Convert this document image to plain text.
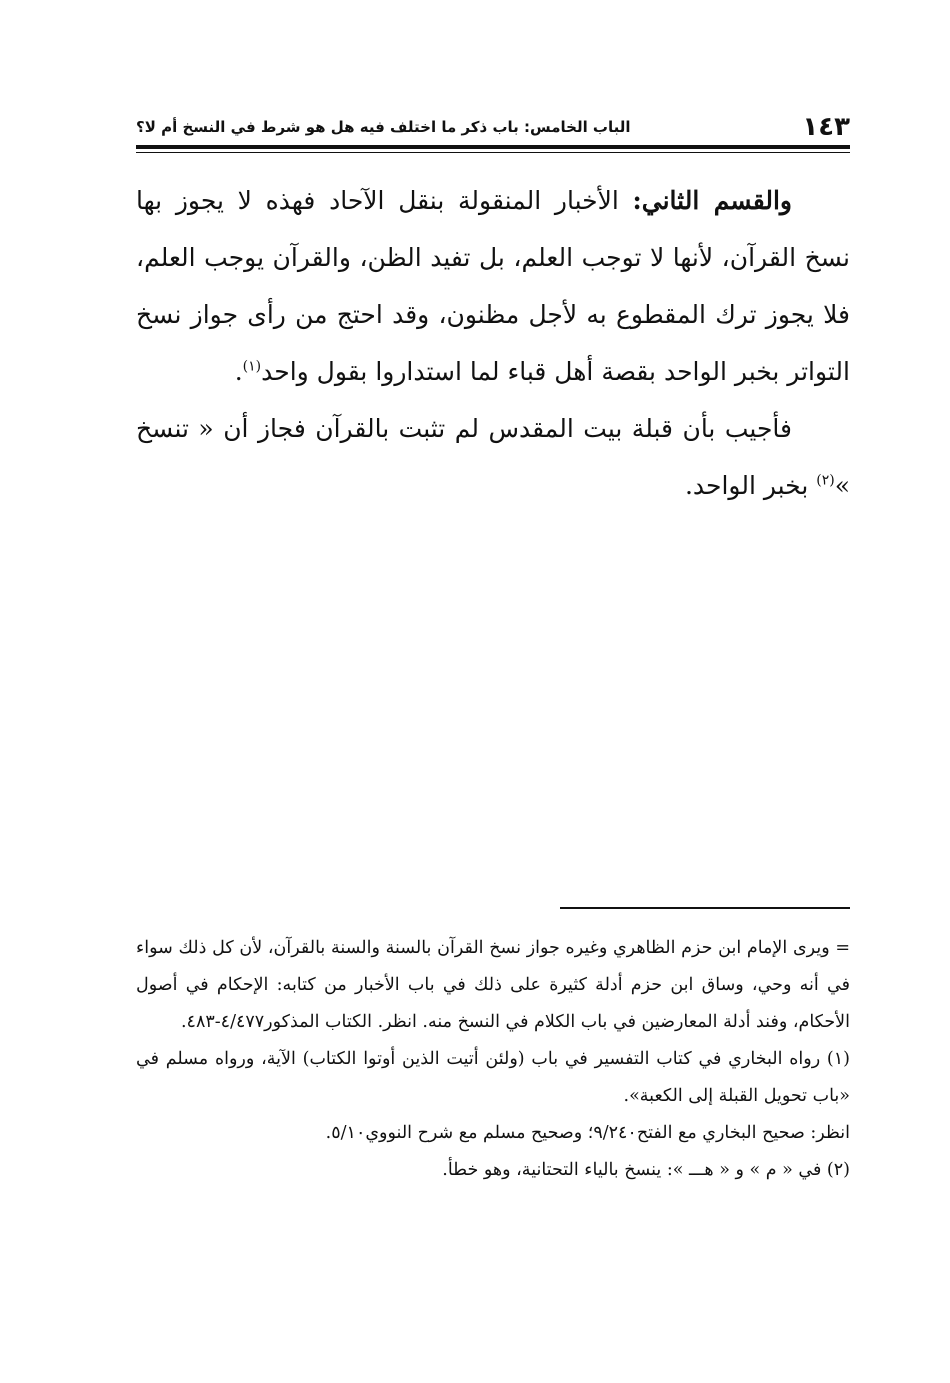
١٤٣
الباب الخامس: باب ذكر ما اختلف فيه هل هو شرط في النسخ أم لا؟

والقسم الثاني: الأخبار المنقولة بنقل الآحاد فهذه لا يجوز بها نسخ القرآن، لأنها لا توجب العلم، بل تفيد الظن، والقرآن يوجب العلم، فلا يجوز ترك المقطوع به لأجل مظنون، وقد احتج من رأى جواز نسخ التواتر بخبر الواحد بقصة أهل قباء لما استداروا بقول واحد$^{(١)}$.

فأجيب بأن قبلة بيت المقدس لم تثبت بالقرآن فجاز أن « تنسخ »$^{(٢)}$ بخبر الواحد.

= ويرى الإمام ابن حزم الظاهري وغيره جواز نسخ القرآن بالسنة والسنة بالقرآن، لأن كل ذلك سواء في أنه وحي، وساق ابن حزم أدلة كثيرة على ذلك في باب الأخبار من كتابه: الإحكام في أصول الأحكام، وفند أدلة المعارضين في باب الكلام في النسخ منه. انظر. الكتاب المذكور٤/٤٧٧-٤٨٣.

(١) رواه البخاري في كتاب التفسير في باب (ولئن أتيت الذين أوتوا الكتاب) الآية، ورواه مسلم في «باب تحويل القبلة إلى الكعبة».

انظر: صحيح البخاري مع الفتح٩/٢٤٠؛ وصحيح مسلم مع شرح النووي٥/١٠.

(٢) في « م » و « هـــ »: ينسخ بالياء التحتانية، وهو خطأ.
